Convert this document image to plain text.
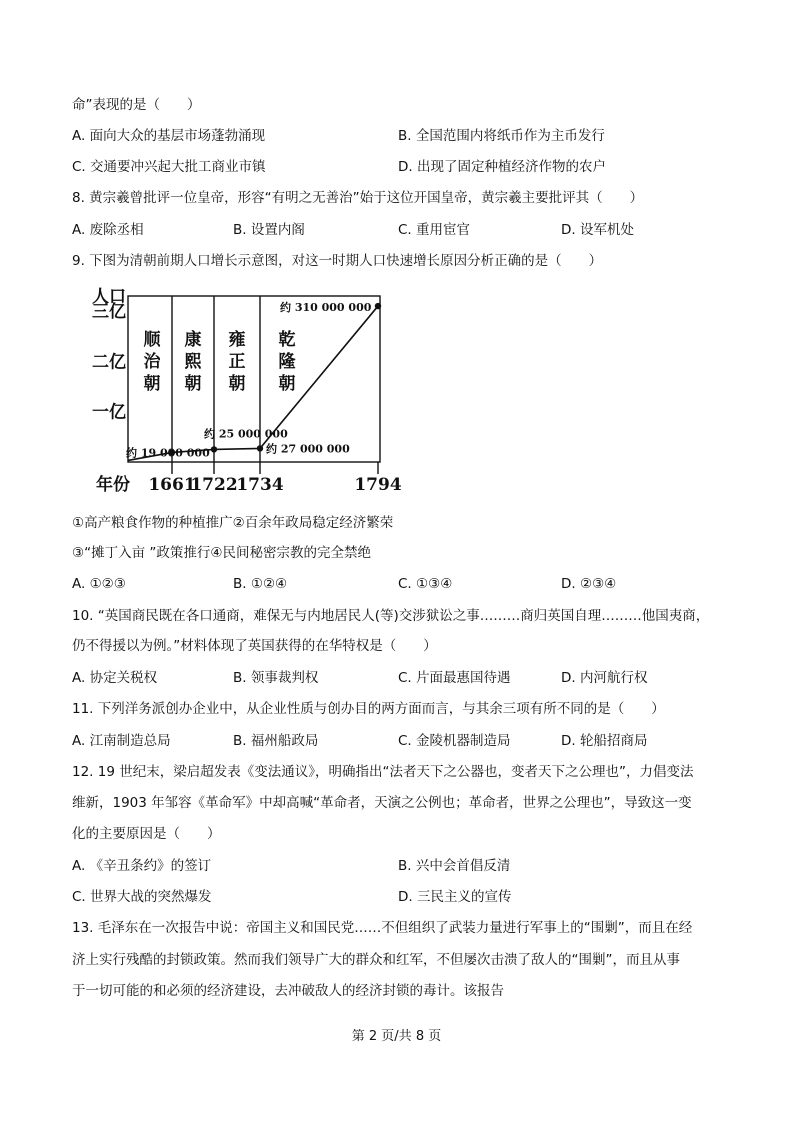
命”表现的是（　　）
A. 面向大众的基层市场蓬勃涌现	B. 全国范围内将纸币作为主币发行
C. 交通要冲兴起大批工商业市镇	D. 出现了固定种植经济作物的农户
8. 黄宗羲曾批评一位皇帝，形容“有明之无善治”始于这位开国皇帝，黄宗羲主要批评其（　　）
A. 废除丞相	B. 设置内阁	C. 重用宦官	D. 设军机处
9. 下图为清朝前期人口增长示意图，对这一时期人口快速增长原因分析正确的是（　　）
顺
治
朝
康
熙
朝
雍
正
朝
乾
隆
朝
人口
一亿
二亿
三亿
年份 1661
1722
1734	1794
约 19 000 000
约 25 000 000
约 27 000 000
约 310 000 000
①高产粮食作物的种植推广②百余年政局稳定经济繁荣
③“摊丁入亩 ”政策推行④民间秘密宗教的完全禁绝
A. ①②③	B. ①②④	C. ①③④	D. ②③④
10. “英国商民既在各口通商，难保无与内地居民人(等)交涉狱讼之事………商归英国自理………他国夷商，
仍不得援以为例。”材料体现了英国获得的在华特权是（　　）
A. 协定关税权	B. 领事裁判权	C. 片面最惠国待遇	D. 内河航行权
11. 下列洋务派创办企业中，从企业性质与创办目的两方面而言，与其余三项有所不同的是（　　）
A. 江南制造总局	B. 福州船政局	C. 金陵机器制造局	D. 轮船招商局
12. 19 世纪末，梁启超发表《变法通议》，明确指出“法者天下之公器也，变者天下之公理也”，力倡变法
维新，1903 年邹容《革命军》中却高喊“革命者，天演之公例也；革命者，世界之公理也”，导致这一变
化的主要原因是（　　）
A. 《辛丑条约》的签订	B. 兴中会首倡反清
C. 世界大战的突然爆发	D. 三民主义的宣传
13. 毛泽东在一次报告中说：帝国主义和国民党……不但组织了武装力量进行军事上的“围剿”，而且在经
济上实行残酷的封锁政策。然而我们领导广大的群众和红军，不但屡次击溃了敌人的“围剿”，而且从事
于一切可能的和必须的经济建设，去冲破敌人的经济封锁的毒计。该报告
第 2 页/共 8 页
